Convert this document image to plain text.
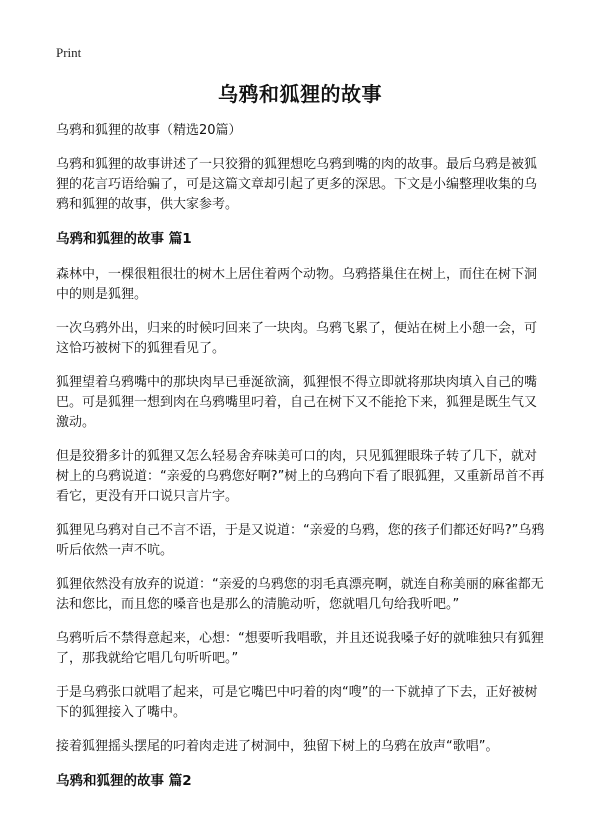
Print
乌鸦和狐狸的故事

乌鸦和狐狸的故事（精选20篇）

乌鸦和狐狸的故事讲述了一只狡猾的狐狸想吃乌鸦到嘴的肉的故事。最后乌鸦是被狐狸的花言巧语给骗了，可是这篇文章却引起了更多的深思。下文是小编整理收集的乌鸦和狐狸的故事，供大家参考。

乌鸦和狐狸的故事 篇1

森林中，一棵很粗很壮的树木上居住着两个动物。乌鸦搭巢住在树上，而住在树下洞中的则是狐狸。

一次乌鸦外出，归来的时候叼回来了一块肉。乌鸦飞累了，便站在树上小憩一会，可这恰巧被树下的狐狸看见了。

狐狸望着乌鸦嘴中的那块肉早已垂涎欲滴，狐狸恨不得立即就将那块肉填入自己的嘴巴。可是狐狸一想到肉在乌鸦嘴里叼着，自己在树下又不能抢下来，狐狸是既生气又激动。

但是狡猾多计的狐狸又怎么轻易舍弃味美可口的肉，只见狐狸眼珠子转了几下，就对树上的乌鸦说道：“亲爱的乌鸦您好啊?”树上的乌鸦向下看了眼狐狸，又重新昂首不再看它，更没有开口说只言片字。

狐狸见乌鸦对自己不言不语，于是又说道：“亲爱的乌鸦，您的孩子们都还好吗?”乌鸦听后依然一声不吭。

狐狸依然没有放弃的说道：“亲爱的乌鸦您的羽毛真漂亮啊，就连自称美丽的麻雀都无法和您比，而且您的嗓音也是那么的清脆动听，您就唱几句给我听吧。”

乌鸦听后不禁得意起来，心想：“想要听我唱歌，并且还说我嗓子好的就唯独只有狐狸了，那我就给它唱几句听听吧。”

于是乌鸦张口就唱了起来，可是它嘴巴中叼着的肉“嗖”的一下就掉了下去，正好被树下的狐狸接入了嘴中。

接着狐狸摇头摆尾的叼着肉走进了树洞中，独留下树上的乌鸦在放声“歌唱”。

乌鸦和狐狸的故事 篇2
